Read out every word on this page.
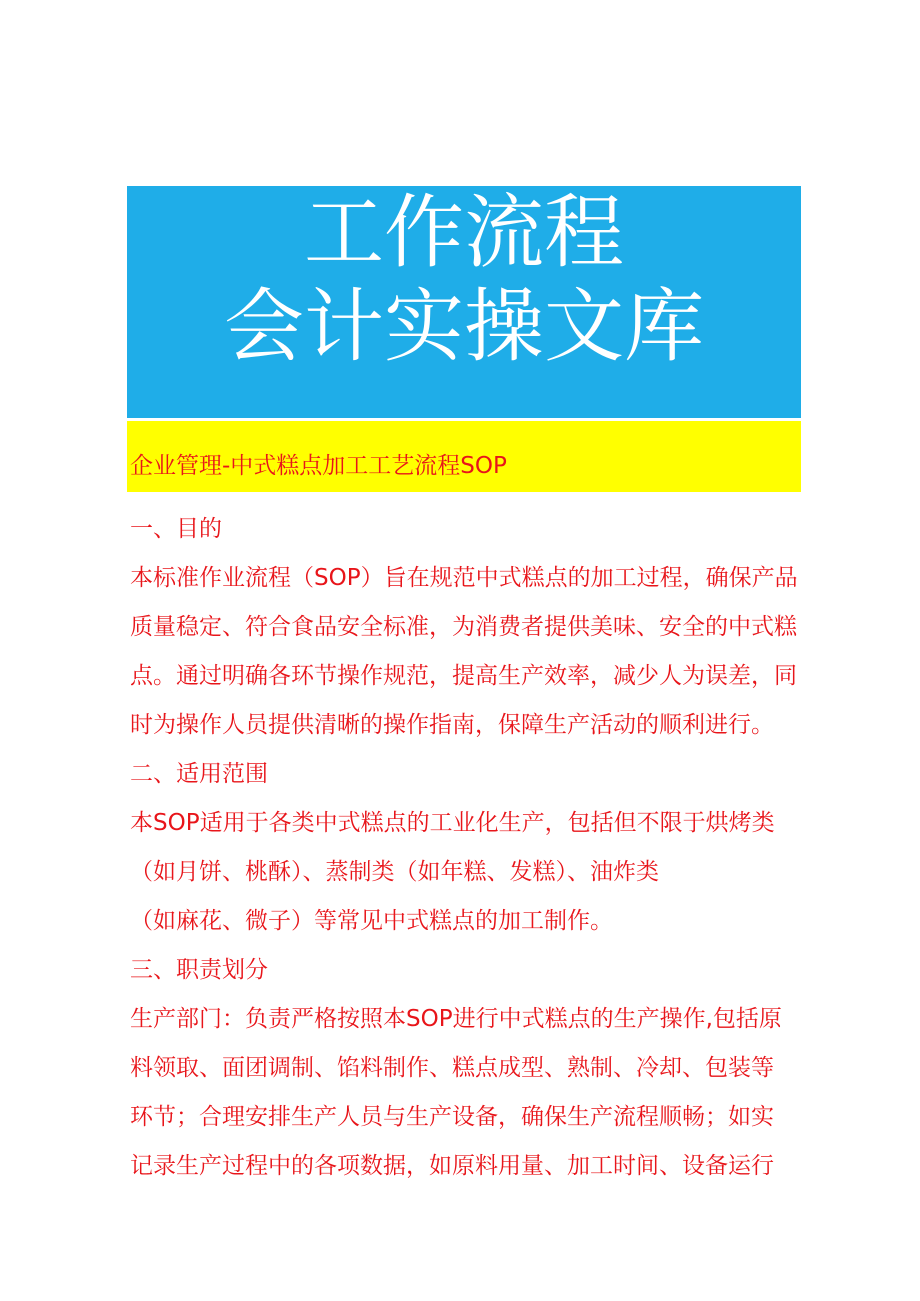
工作流程
会计实操文库
企业管理-中式糕点加工工艺流程SOP

一、目的

本标准作业流程（SOP）旨在规范中式糕点的加工过程，确保产品
质量稳定、符合食品安全标准，为消费者提供美味、安全的中式糕
点。通过明确各环节操作规范，提高生产效率，减少人为误差，同
时为操作人员提供清晰的操作指南，保障生产活动的顺利进行。

二、适用范围

本SOP适用于各类中式糕点的工业化生产，包括但不限于烘烤类
（如月饼、桃酥）、蒸制类（如年糕、发糕）、油炸类
（如麻花、微子）等常见中式糕点的加工制作。

三、职责划分

生产部门：负责严格按照本SOP进行中式糕点的生产操作,包括原
料领取、面团调制、馅料制作、糕点成型、熟制、冷却、包装等
环节；合理安排生产人员与生产设备，确保生产流程顺畅；如实
记录生产过程中的各项数据，如原料用量、加工时间、设备运行
